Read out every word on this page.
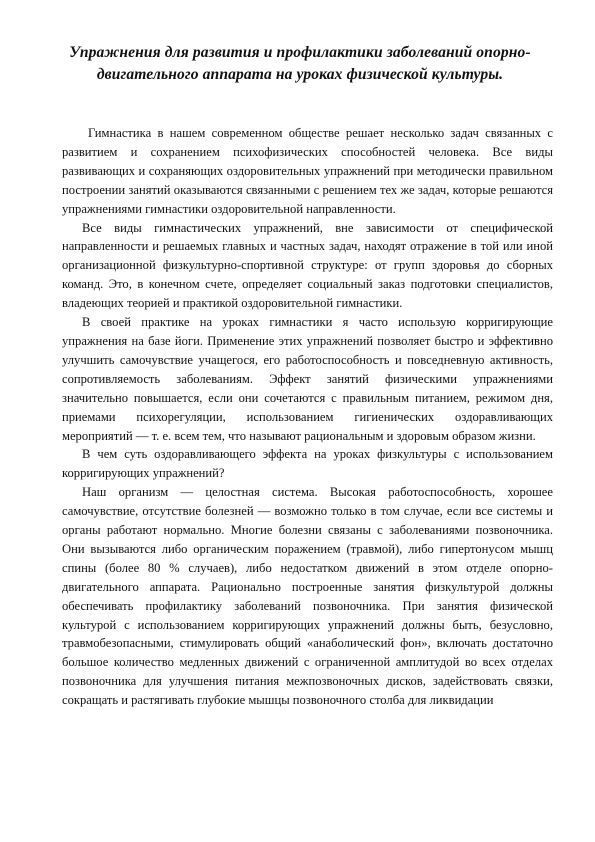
Упражнения для развития и профилактики заболеваний опорно-двигательного аппарата на уроках физической культуры.

Гимнастика в нашем современном обществе решает несколько задач связанных с развитием и сохранением психофизических способностей человека. Все виды развивающих и сохраняющих оздоровительных упражнений при методически правильном построении занятий оказываются связанными с решением тех же задач, которые решаются упражнениями гимнастики оздоровительной направленности.

Все виды гимнастических упражнений, вне зависимости от специфической направленности и решаемых главных и частных задач, находят отражение в той или иной организационной физкультурно-спортивной структуре: от групп здоровья до сборных команд. Это, в конечном счете, определяет социальный заказ подготовки специалистов, владеющих теорией и практикой оздоровительной гимнастики.

В своей практике на уроках гимнастики я часто использую корригирующие упражнения на базе йоги. Применение этих упражнений позволяет быстро и эффективно улучшить самочувствие учащегося, его работоспособность и повседневную активность, сопротивляемость заболеваниям. Эффект занятий физическими упражнениями значительно повышается, если они сочетаются с правильным питанием, режимом дня, приемами психорегуляции, использованием гигиенических оздоравливающих мероприятий — т. е. всем тем, что называют рациональным и здоровым образом жизни.

В чем суть оздоравливающего эффекта на уроках физкультуры с использованием корригирующих упражнений?

Наш организм — целостная система. Высокая работоспособность, хорошее самочувствие, отсутствие болезней — возможно только в том случае, если все системы и органы работают нормально. Многие болезни связаны с заболеваниями позвоночника. Они вызываются либо органическим поражением (травмой), либо гипертонусом мышц спины (более 80 % случаев), либо недостатком движений в этом отделе опорно-двигательного аппарата. Рационально построенные занятия физкультурой должны обеспечивать профилактику заболеваний позвоночника. При занятия физической культурой с использованием корригирующих упражнений должны быть, безусловно, травмобезопасными, стимулировать общий «анаболический фон», включать достаточно большое количество медленных движений с ограниченной амплитудой во всех отделах позвоночника для улучшения питания межпозвоночных дисков, задействовать связки, сокращать и растягивать глубокие мышцы позвоночного столба для ликвидации
